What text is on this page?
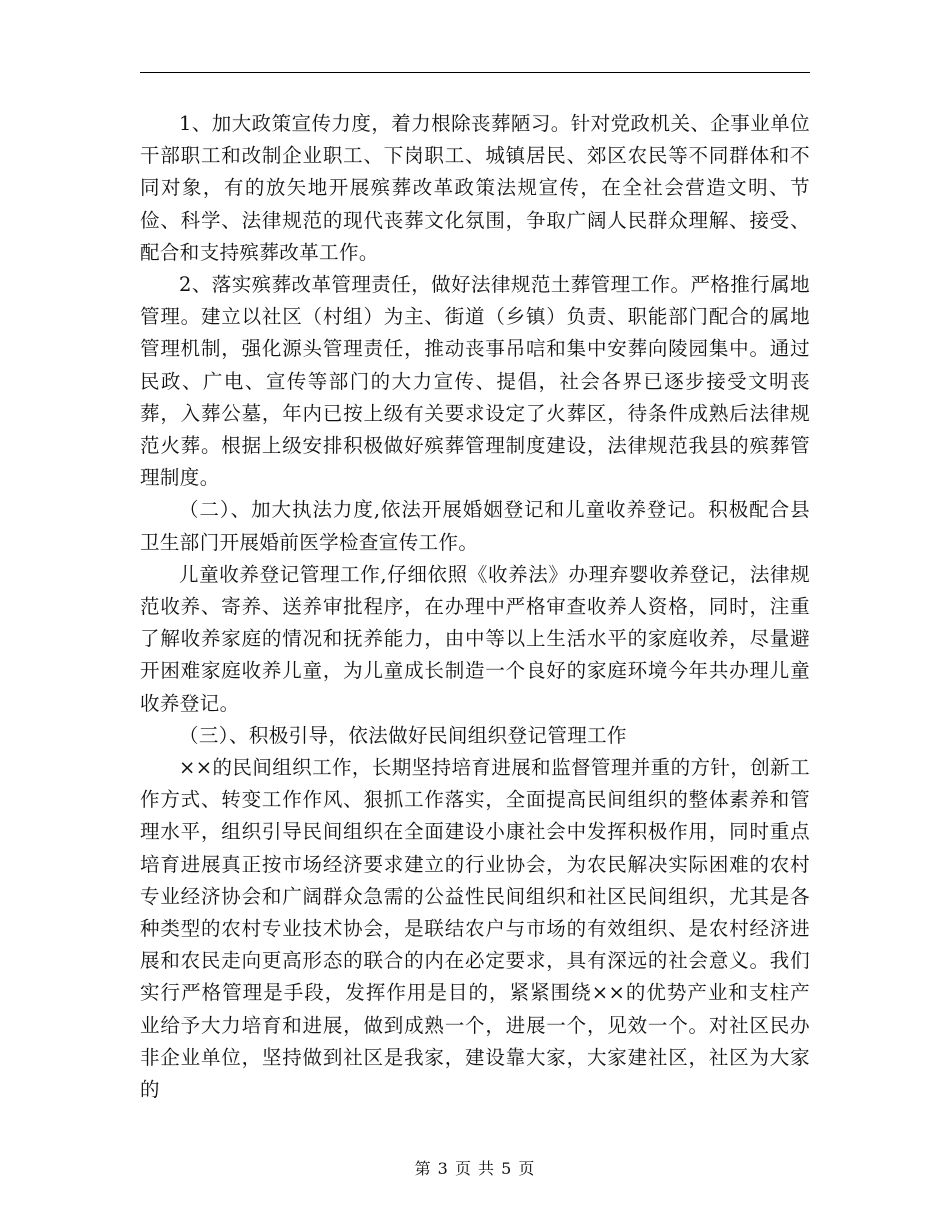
1、加大政策宣传力度，着力根除丧葬陋习。针对党政机关、企事业单位干部职工和改制企业职工、下岗职工、城镇居民、郊区农民等不同群体和不同对象，有的放矢地开展殡葬改革政策法规宣传，在全社会营造文明、节俭、科学、法律规范的现代丧葬文化氛围，争取广阔人民群众理解、接受、配合和支持殡葬改革工作。

2、落实殡葬改革管理责任，做好法律规范土葬管理工作。严格推行属地管理。建立以社区（村组）为主、街道（乡镇）负责、职能部门配合的属地管理机制，强化源头管理责任，推动丧事吊唁和集中安葬向陵园集中。通过民政、广电、宣传等部门的大力宣传、提倡，社会各界已逐步接受文明丧葬，入葬公墓，年内已按上级有关要求设定了火葬区，待条件成熟后法律规范火葬。根据上级安排积极做好殡葬管理制度建设，法律规范我县的殡葬管理制度。

（二）、加大执法力度,依法开展婚姻登记和儿童收养登记。积极配合县卫生部门开展婚前医学检查宣传工作。

儿童收养登记管理工作,仔细依照《收养法》办理弃婴收养登记，法律规范收养、寄养、送养审批程序，在办理中严格审查收养人资格，同时，注重了解收养家庭的情况和抚养能力，由中等以上生活水平的家庭收养，尽量避开困难家庭收养儿童，为儿童成长制造一个良好的家庭环境今年共办理儿童收养登记。

（三）、积极引导，依法做好民间组织登记管理工作

××的民间组织工作，长期坚持培育进展和监督管理并重的方针，创新工作方式、转变工作作风、狠抓工作落实，全面提高民间组织的整体素养和管理水平，组织引导民间组织在全面建设小康社会中发挥积极作用，同时重点培育进展真正按市场经济要求建立的行业协会，为农民解决实际困难的农村专业经济协会和广阔群众急需的公益性民间组织和社区民间组织，尤其是各种类型的农村专业技术协会，是联结农户与市场的有效组织、是农村经济进展和农民走向更高形态的联合的内在必定要求，具有深远的社会意义。我们实行严格管理是手段，发挥作用是目的，紧紧围绕××的优势产业和支柱产业给予大力培育和进展，做到成熟一个，进展一个，见效一个。对社区民办非企业单位，坚持做到社区是我家，建设靠大家，大家建社区，社区为大家的

第 3 页 共 5 页
